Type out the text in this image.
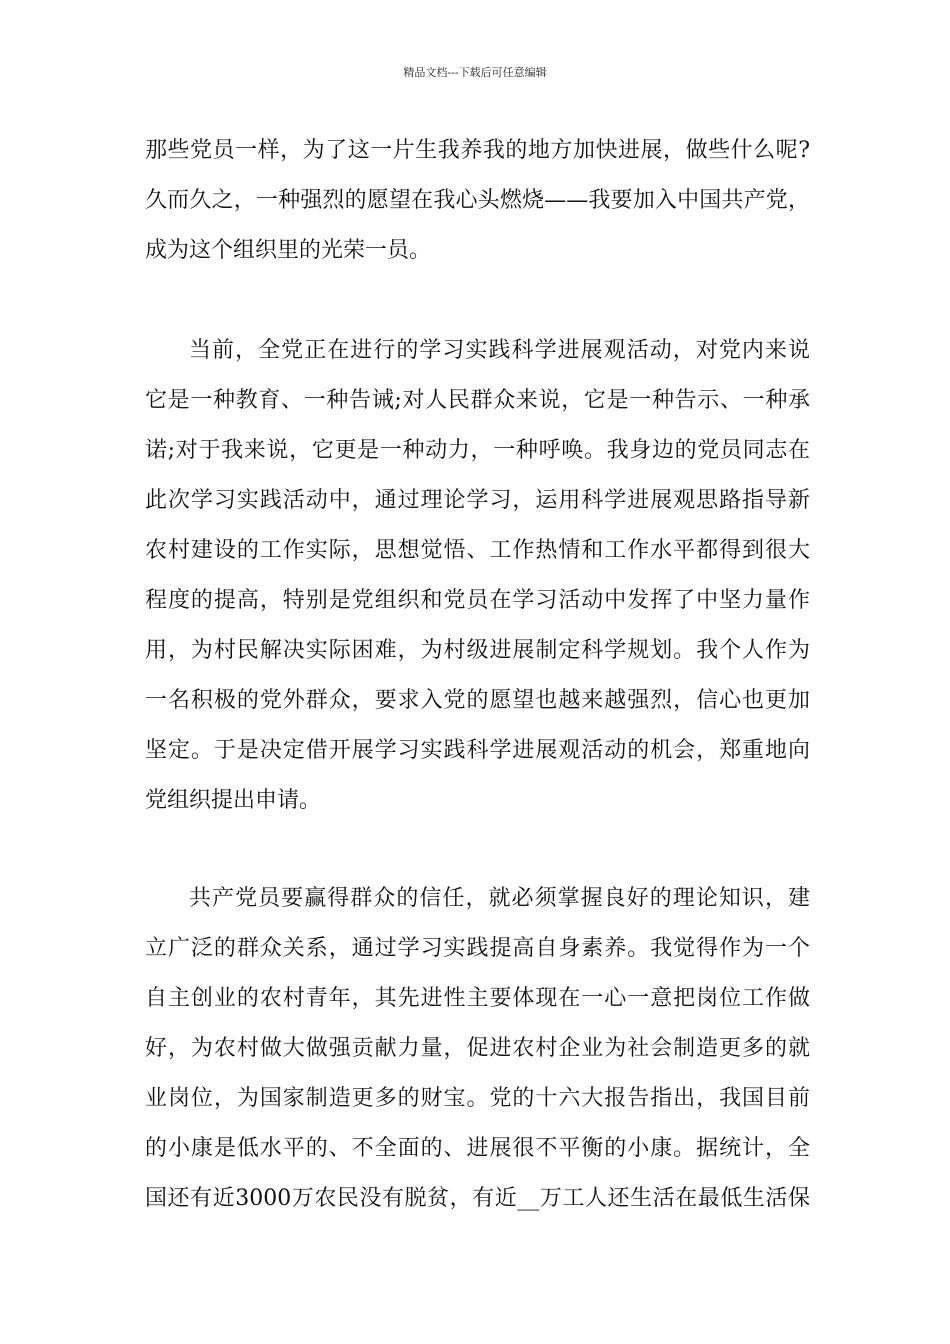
精品文档---下载后可任意编辑
那些党员一样，为了这一片生我养我的地方加快进展，做些什么呢?
久而久之，一种强烈的愿望在我心头燃烧——我要加入中国共产党，
成为这个组织里的光荣一员。
当前，全党正在进行的学习实践科学进展观活动，对党内来说
它是一种教育、一种告诫;对人民群众来说，它是一种告示、一种承
诺;对于我来说，它更是一种动力，一种呼唤。我身边的党员同志在
此次学习实践活动中，通过理论学习，运用科学进展观思路指导新
农村建设的工作实际，思想觉悟、工作热情和工作水平都得到很大
程度的提高，特别是党组织和党员在学习活动中发挥了中坚力量作
用，为村民解决实际困难，为村级进展制定科学规划。我个人作为
一名积极的党外群众，要求入党的愿望也越来越强烈，信心也更加
坚定。于是决定借开展学习实践科学进展观活动的机会，郑重地向
党组织提出申请。
共产党员要赢得群众的信任，就必须掌握良好的理论知识，建
立广泛的群众关系，通过学习实践提高自身素养。我觉得作为一个
自主创业的农村青年，其先进性主要体现在一心一意把岗位工作做
好，为农村做大做强贡献力量，促进农村企业为社会制造更多的就
业岗位，为国家制造更多的财宝。党的十六大报告指出，我国目前
的小康是低水平的、不全面的、进展很不平衡的小康。据统计，全
国还有近3000万农民没有脱贫，有近__万工人还生活在最低生活保
